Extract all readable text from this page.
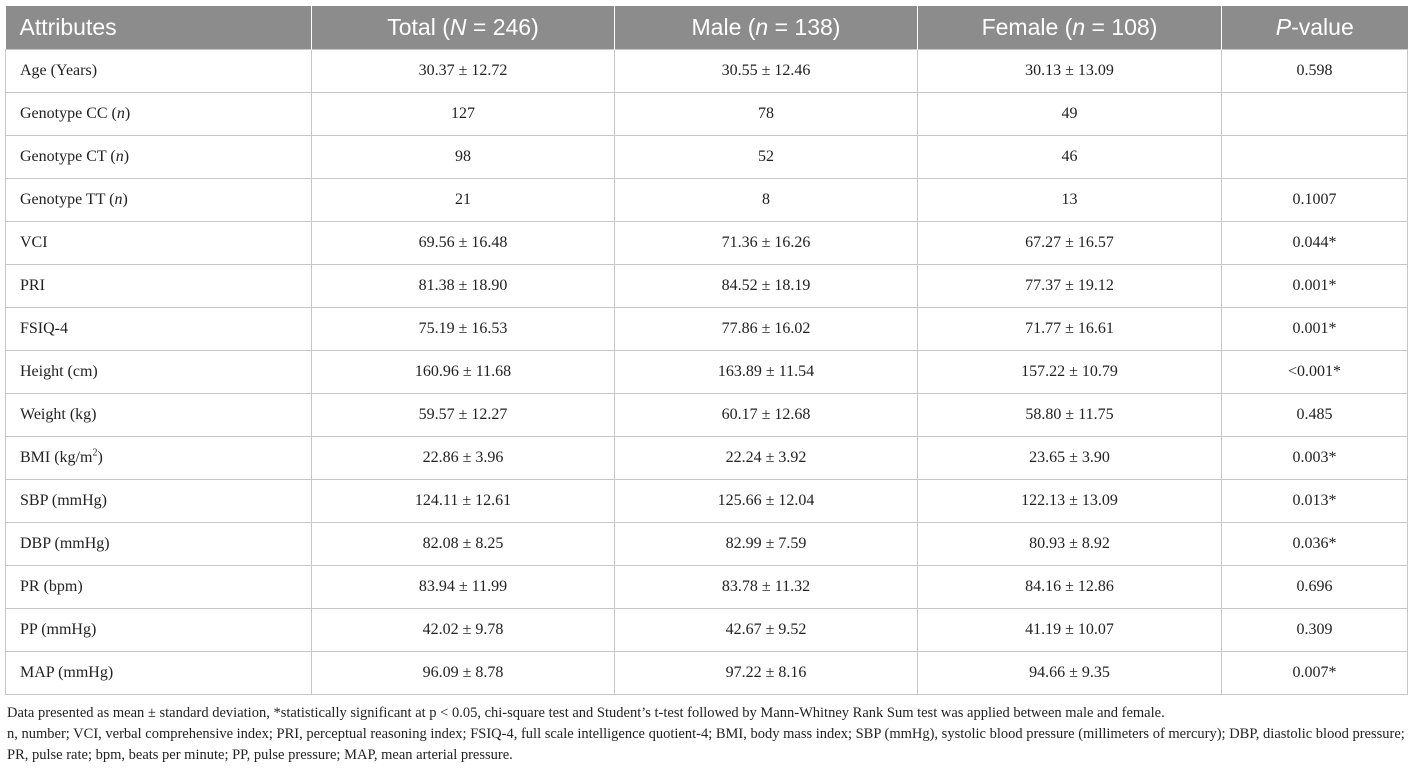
Attributes	Total (N = 246)	Male (n = 138)	Female (n = 108)	P-value
Age (Years)	30.37 ± 12.72	30.55 ± 12.46	30.13 ± 13.09	0.598
Genotype CC (n)	127	78	49	
Genotype CT (n)	98	52	46	
Genotype TT (n)	21	8	13	0.1007
VCI	69.56 ± 16.48	71.36 ± 16.26	67.27 ± 16.57	0.044*
PRI	81.38 ± 18.90	84.52 ± 18.19	77.37 ± 19.12	0.001*
FSIQ-4	75.19 ± 16.53	77.86 ± 16.02	71.77 ± 16.61	0.001*
Height (cm)	160.96 ± 11.68	163.89 ± 11.54	157.22 ± 10.79	<0.001*
Weight (kg)	59.57 ± 12.27	60.17 ± 12.68	58.80 ± 11.75	0.485
BMI $(kg/m^2)$	22.86 ± 3.96	22.24 ± 3.92	23.65 ± 3.90	0.003*
SBP (mmHg)	124.11 ± 12.61	125.66 ± 12.04	122.13 ± 13.09	0.013*
DBP (mmHg)	82.08 ± 8.25	82.99 ± 7.59	80.93 ± 8.92	0.036*
PR (bpm)	83.94 ± 11.99	83.78 ± 11.32	84.16 ± 12.86	0.696
PP (mmHg)	42.02 ± 9.78	42.67 ± 9.52	41.19 ± 10.07	0.309
MAP (mmHg)	96.09 ± 8.78	97.22 ± 8.16	94.66 ± 9.35	0.007*

Data presented as mean ± standard deviation, *statistically significant at p < 0.05, chi-square test and Student’s t-test followed by Mann-Whitney Rank Sum test was applied between male and female.

n, number; VCI, verbal comprehensive index; PRI, perceptual reasoning index; FSIQ-4, full scale intelligence quotient-4; BMI, body mass index; SBP (mmHg), systolic blood pressure (millimeters of mercury); DBP, diastolic blood pressure; PR, pulse rate; bpm, beats per minute; PP, pulse pressure; MAP, mean arterial pressure.
